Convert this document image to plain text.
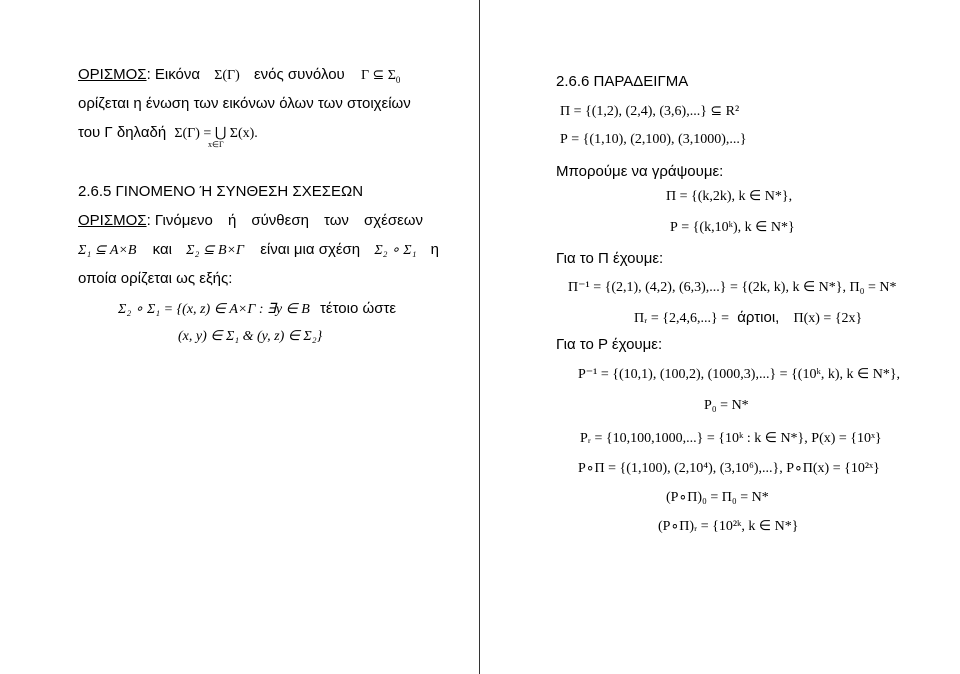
ΟΡΙΣΜΟΣ: Εικόνα Σ(Γ) ενός συνόλου Γ ⊆ $\Sigma_0$
ορίζεται η ένωση των εικόνων όλων των στοιχείων
του Γ δηλαδή Σ(Γ) = ⋃ Σ(x).
x∈Γ
2.6.5 ΓΙΝΟΜΕΝΟ Ή ΣΥΝΘΕΣΗ ΣΧΕΣΕΩΝ
ΟΡΙΣΜΟΣ: Γινόμενο ή σύνθεση των σχέσεων
Σ₁ ⊆ A×B και Σ₂ ⊆ B×Γ είναι μια σχέση Σ₂ ∘ Σ₁ η
οποία ορίζεται ως εξής:
Σ₂ ∘ Σ₁ = {(x, z) ∈ A×Γ : ∃y ∈ B τέτοιο ώστε
(x, y) ∈ Σ₁ & (y, z) ∈ Σ₂}
2.6.6 ΠΑΡΑΔΕΙΓΜΑ
Π = {(1,2), (2,4), (3,6),...} ⊆ R²
Ρ = {(1,10), (2,100), (3,1000),...}
Μπορούμε να γράψουμε:
Π = {(k,2k), k ∈ N*},
Ρ = {(k,10ᵏ), k ∈ N*}
Για το Π έχουμε:
Π⁻¹ = {(2,1), (4,2), (6,3),...} = {(2k, k), k ∈ N*}, Π₀ = N*
Πᵣ = {2,4,6,...} = άρτιοι, Π(x) = {2x}
Για το Ρ έχουμε:
Ρ⁻¹ = {(10,1), (100,2), (1000,3),...} = {(10ᵏ, k), k ∈ N*},
Ρ₀ = N*
Ρᵣ = {10,100,1000,...} = {10ᵏ : k ∈ N*}, Ρ(x) = {10ˣ}
Ρ∘Π = {(1,100), (2,10⁴), (3,10⁶),...}, Ρ∘Π(x) = {10²ˣ}
(Ρ∘Π)₀ = Π₀ = N*
(Ρ∘Π)ᵣ = {10²ᵏ, k ∈ N*}
